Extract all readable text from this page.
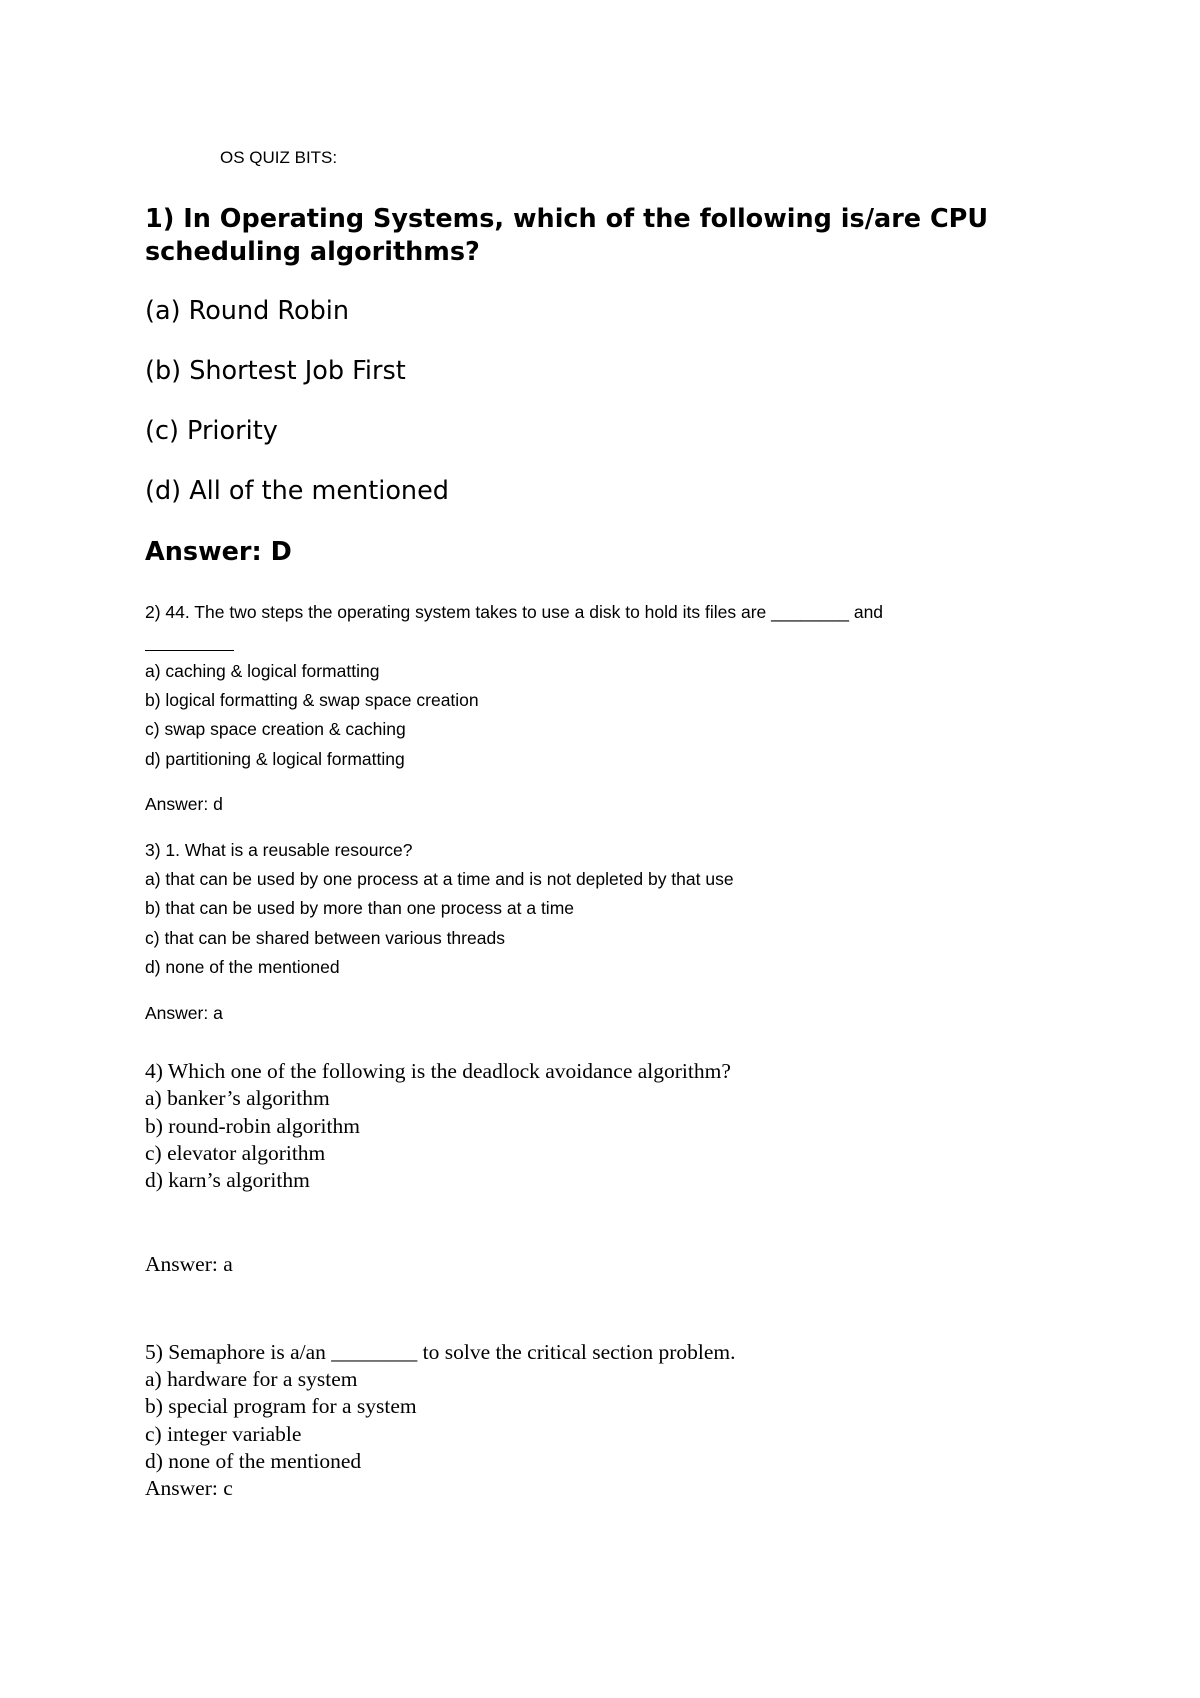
OS QUIZ BITS:

1) In Operating Systems, which of the following is/are CPU scheduling algorithms?

(a) Round Robin

(b) Shortest Job First

(c) Priority

(d) All of the mentioned

Answer: D

2) 44. The two steps the operating system takes to use a disk to hold its files are ________ and

a) caching & logical formatting

b) logical formatting & swap space creation

c) swap space creation & caching

d) partitioning & logical formatting

Answer: d

3) 1. What is a reusable resource?

a) that can be used by one process at a time and is not depleted by that use

b) that can be used by more than one process at a time

c) that can be shared between various threads

d) none of the mentioned

Answer: a

4) Which one of the following is the deadlock avoidance algorithm?

a) banker’s algorithm

b) round-robin algorithm

c) elevator algorithm

d) karn’s algorithm

Answer: a

5) Semaphore is a/an ________ to solve the critical section problem.

a) hardware for a system

b) special program for a system

c) integer variable

d) none of the mentioned

Answer: c
